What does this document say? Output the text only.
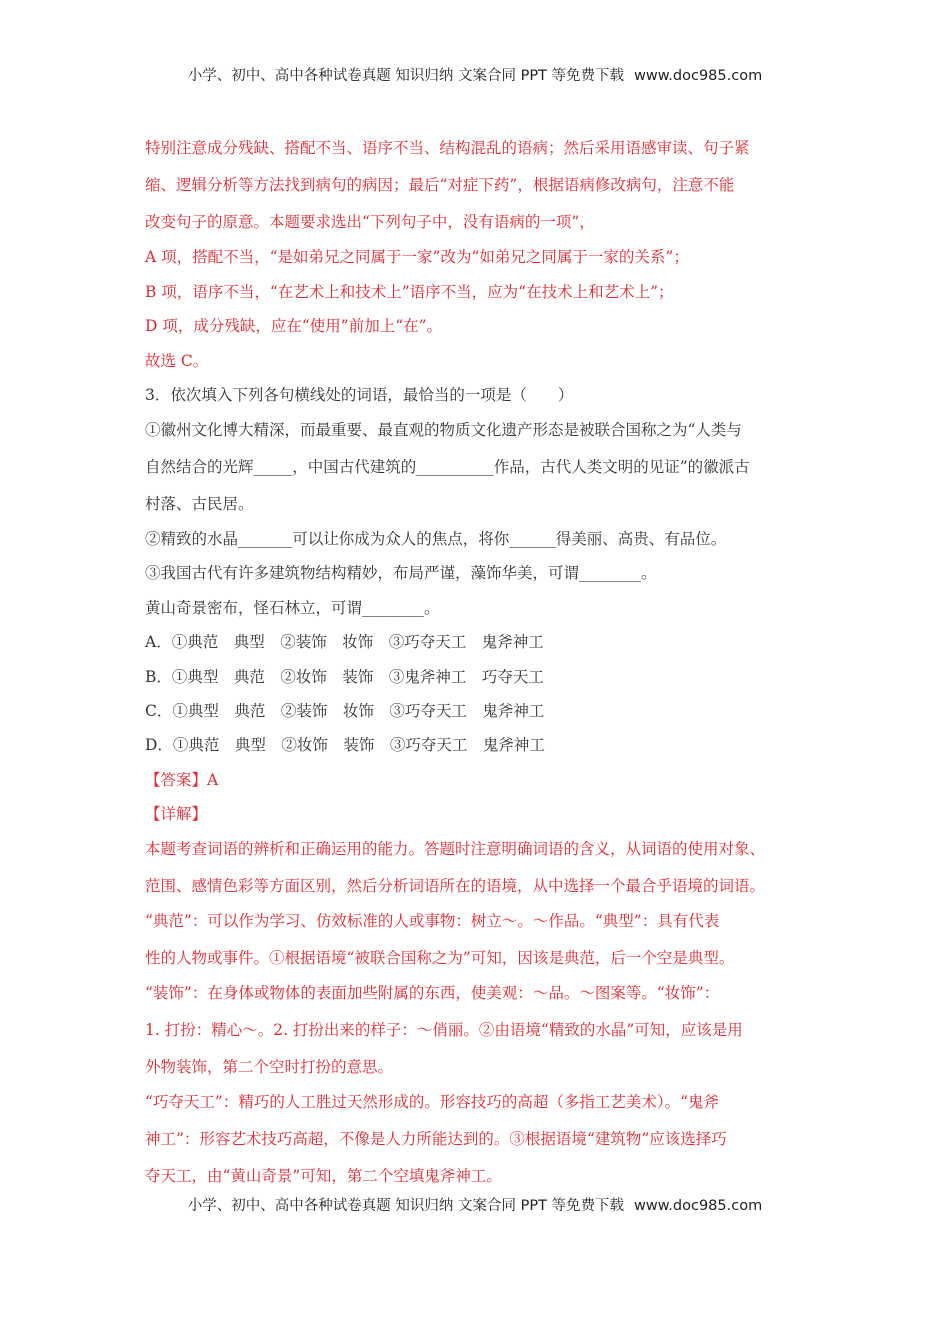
小学、初中、高中各种试卷真题 知识归纳 文案合同 PPT 等免费下载 www.doc985.com
特别注意成分残缺、搭配不当、语序不当、结构混乱的语病；然后采用语感审读、句子紧
缩、逻辑分析等方法找到病句的病因；最后“对症下药”，根据语病修改病句，注意不能
改变句子的原意。本题要求选出“下列句子中，没有语病的一项”，
A 项，搭配不当，“是如弟兄之同属于一家”改为“如弟兄之同属于一家的关系”；
B 项，语序不当，“在艺术上和技术上”语序不当，应为“在技术上和艺术上”；
D 项，成分残缺，应在“使用”前加上“在”。
故选 C。
3．依次填入下列各句横线处的词语，最恰当的一项是（　　）
①徽州文化博大精深，而最重要、最直观的物质文化遗产形态是被联合国称之为“人类与
自然结合的光辉_____，中国古代建筑的__________作品，古代人类文明的见证”的徽派古
村落、古民居。
②精致的水晶_______可以让你成为众人的焦点，将你______得美丽、高贵、有品位。
③我国古代有许多建筑物结构精妙，布局严谨，藻饰华美，可谓________。
黄山奇景密布，怪石林立，可谓________。
A．①典范　典型　②装饰　妆饰　③巧夺天工　鬼斧神工
B．①典型　典范　②妆饰　装饰　③鬼斧神工　巧夺天工
C．①典型　典范　②装饰　妆饰　③巧夺天工　鬼斧神工
D．①典范　典型　②妆饰　装饰　③巧夺天工　鬼斧神工
【答案】A
【详解】
本题考查词语的辨析和正确运用的能力。答题时注意明确词语的含义，从词语的使用对象、
范围、感情色彩等方面区别，然后分析词语所在的语境，从中选择一个最合乎语境的词语。
“典范”：可以作为学习、仿效标准的人或事物：树立～。～作品。“典型”：具有代表
性的人物或事件。①根据语境“被联合国称之为”可知，因该是典范，后一个空是典型。
“装饰”：在身体或物体的表面加些附属的东西，使美观：～品。～图案等。“妆饰”：
1. 打扮：精心～。2. 打扮出来的样子：～俏丽。②由语境“精致的水晶”可知，应该是用
外物装饰，第二个空时打扮的意思。
“巧夺天工”：精巧的人工胜过天然形成的。形容技巧的高超（多指工艺美术）。“鬼斧
神工”：形容艺术技巧高超，不像是人力所能达到的。③根据语境“建筑物”应该选择巧
夺天工，由“黄山奇景”可知，第二个空填鬼斧神工。
小学、初中、高中各种试卷真题 知识归纳 文案合同 PPT 等免费下载 www.doc985.com
